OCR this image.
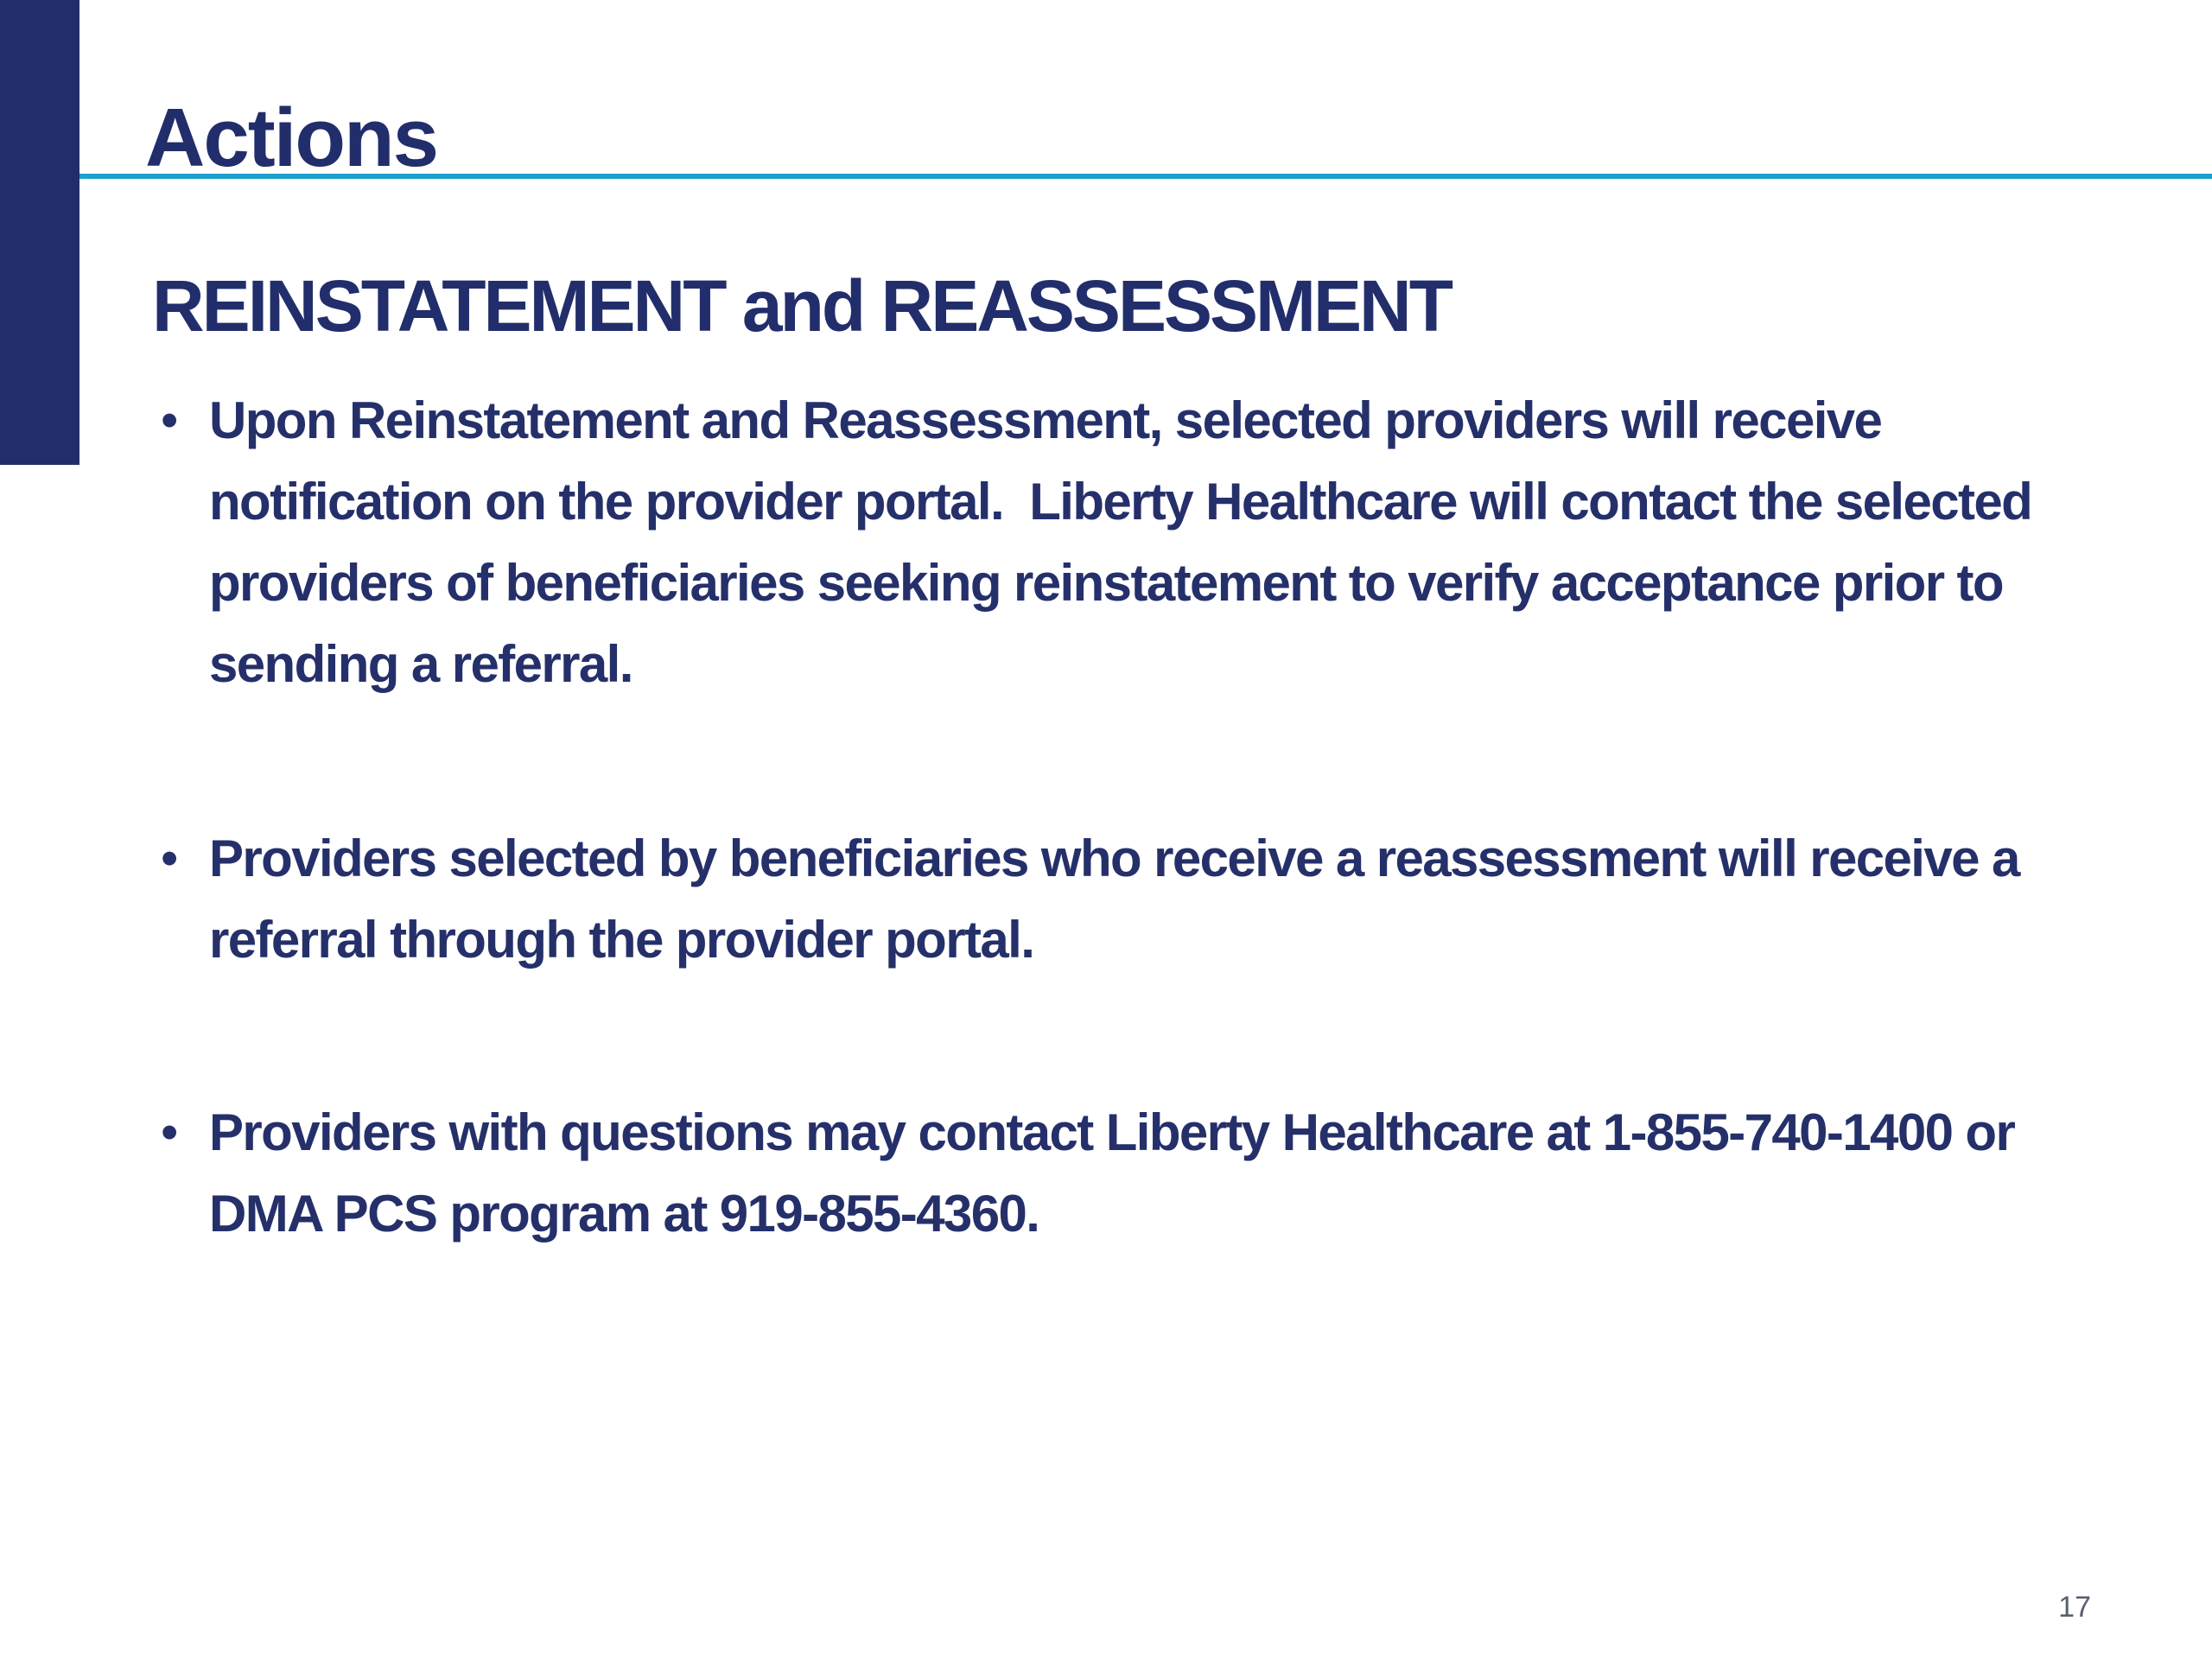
Actions
REINSTATEMENT and REASSESSMENT
• Upon Reinstatement and Reassessment, selected providers will receive notification on the provider portal.  Liberty Healthcare will contact the selected providers of beneficiaries seeking reinstatement to verify acceptance prior to sending a referral.

• Providers selected by beneficiaries who receive a reassessment will receive a referral through the provider portal.

• Providers with questions may contact Liberty Healthcare at 1-855-740-1400 or DMA PCS program at 919-855-4360.

17
